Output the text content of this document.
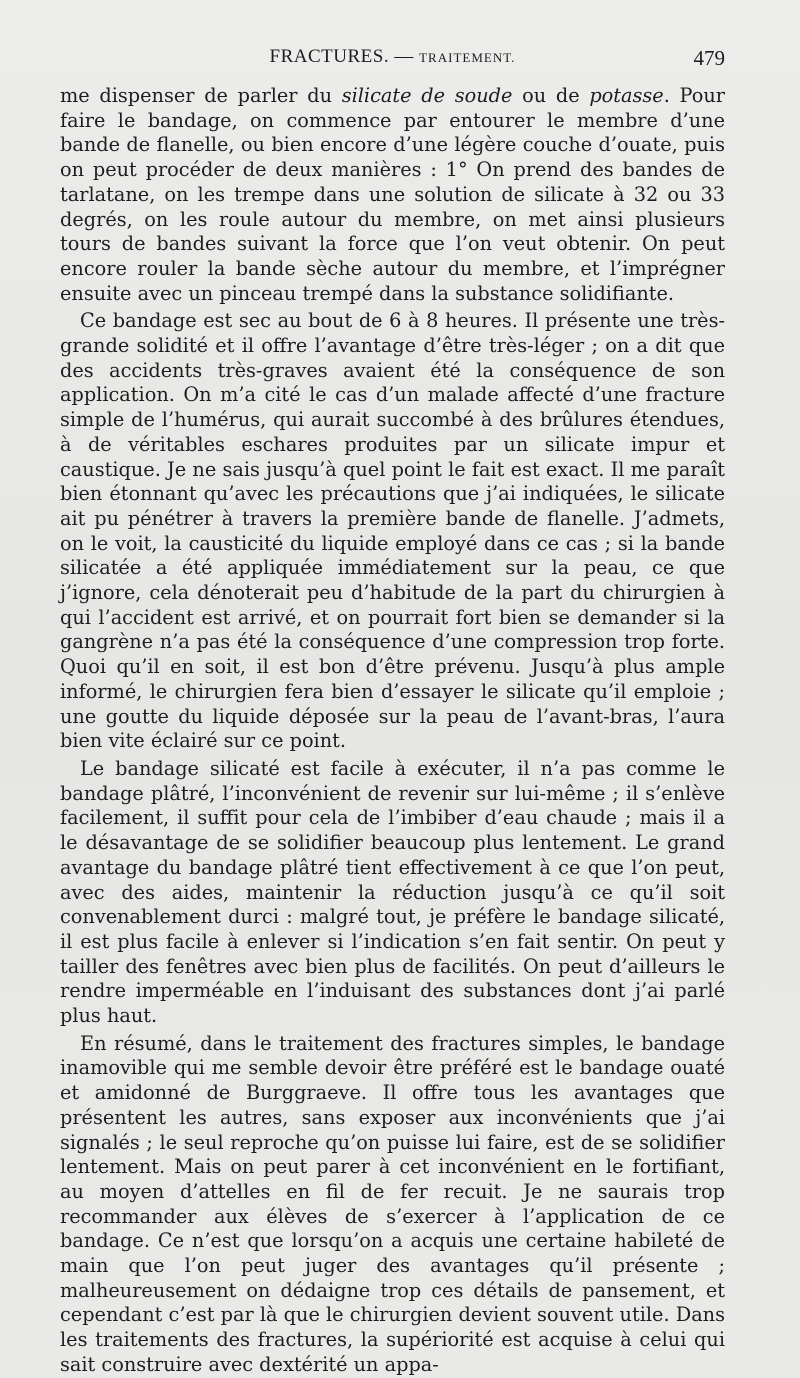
FRACTURES. — TRAITEMENT.	479

me dispenser de parler du silicate de soude ou de potasse. Pour faire le bandage, on commence par entourer le membre d’une bande de flanelle, ou bien encore d’une légère couche d’ouate, puis on peut procéder de deux manières : 1° On prend des bandes de tarlatane, on les trempe dans une solution de silicate à 32 ou 33 degrés, on les roule autour du membre, on met ainsi plusieurs tours de bandes suivant la force que l’on veut obtenir. On peut encore rouler la bande sèche autour du membre, et l’imprégner ensuite avec un pinceau trempé dans la substance solidifiante.

Ce bandage est sec au bout de 6 à 8 heures. Il présente une très-grande solidité et il offre l’avantage d’être très-léger ; on a dit que des accidents très-graves avaient été la conséquence de son application. On m’a cité le cas d’un malade affecté d’une fracture simple de l’humérus, qui aurait succombé à des brûlures étendues, à de véritables eschares produites par un silicate impur et caustique. Je ne sais jusqu’à quel point le fait est exact. Il me paraît bien étonnant qu’avec les précautions que j’ai indiquées, le silicate ait pu pénétrer à travers la première bande de flanelle. J’admets, on le voit, la causticité du liquide employé dans ce cas ; si la bande silicatée a été appliquée immédiatement sur la peau, ce que j’ignore, cela dénoterait peu d’habitude de la part du chirurgien à qui l’accident est arrivé, et on pourrait fort bien se demander si la gangrène n’a pas été la conséquence d’une compression trop forte. Quoi qu’il en soit, il est bon d’être prévenu. Jusqu’à plus ample informé, le chirurgien fera bien d’essayer le silicate qu’il emploie ; une goutte du liquide déposée sur la peau de l’avant-bras, l’aura bien vite éclairé sur ce point.

Le bandage silicaté est facile à exécuter, il n’a pas comme le bandage plâtré, l’inconvénient de revenir sur lui-même ; il s’enlève facilement, il suffit pour cela de l’imbiber d’eau chaude ; mais il a le désavantage de se solidifier beaucoup plus lentement. Le grand avantage du bandage plâtré tient effectivement à ce que l’on peut, avec des aides, maintenir la réduction jusqu’à ce qu’il soit convenablement durci : malgré tout, je préfère le bandage silicaté, il est plus facile à enlever si l’indication s’en fait sentir. On peut y tailler des fenêtres avec bien plus de facilités. On peut d’ailleurs le rendre imperméable en l’induisant des substances dont j’ai parlé plus haut.

En résumé, dans le traitement des fractures simples, le bandage inamovible qui me semble devoir être préféré est le bandage ouaté et amidonné de Burggraeve. Il offre tous les avantages que présentent les autres, sans exposer aux inconvénients que j’ai signalés ; le seul reproche qu’on puisse lui faire, est de se solidifier lentement. Mais on peut parer à cet inconvénient en le fortifiant, au moyen d’attelles en fil de fer recuit. Je ne saurais trop recommander aux élèves de s’exercer à l’application de ce bandage. Ce n’est que lorsqu’on a acquis une certaine habileté de main que l’on peut juger des avantages qu’il présente ; malheureusement on dédaigne trop ces détails de pansement, et cependant c’est par là que le chirurgien devient souvent utile. Dans les traitements des fractures, la supériorité est acquise à celui qui sait construire avec dextérité un appa-
